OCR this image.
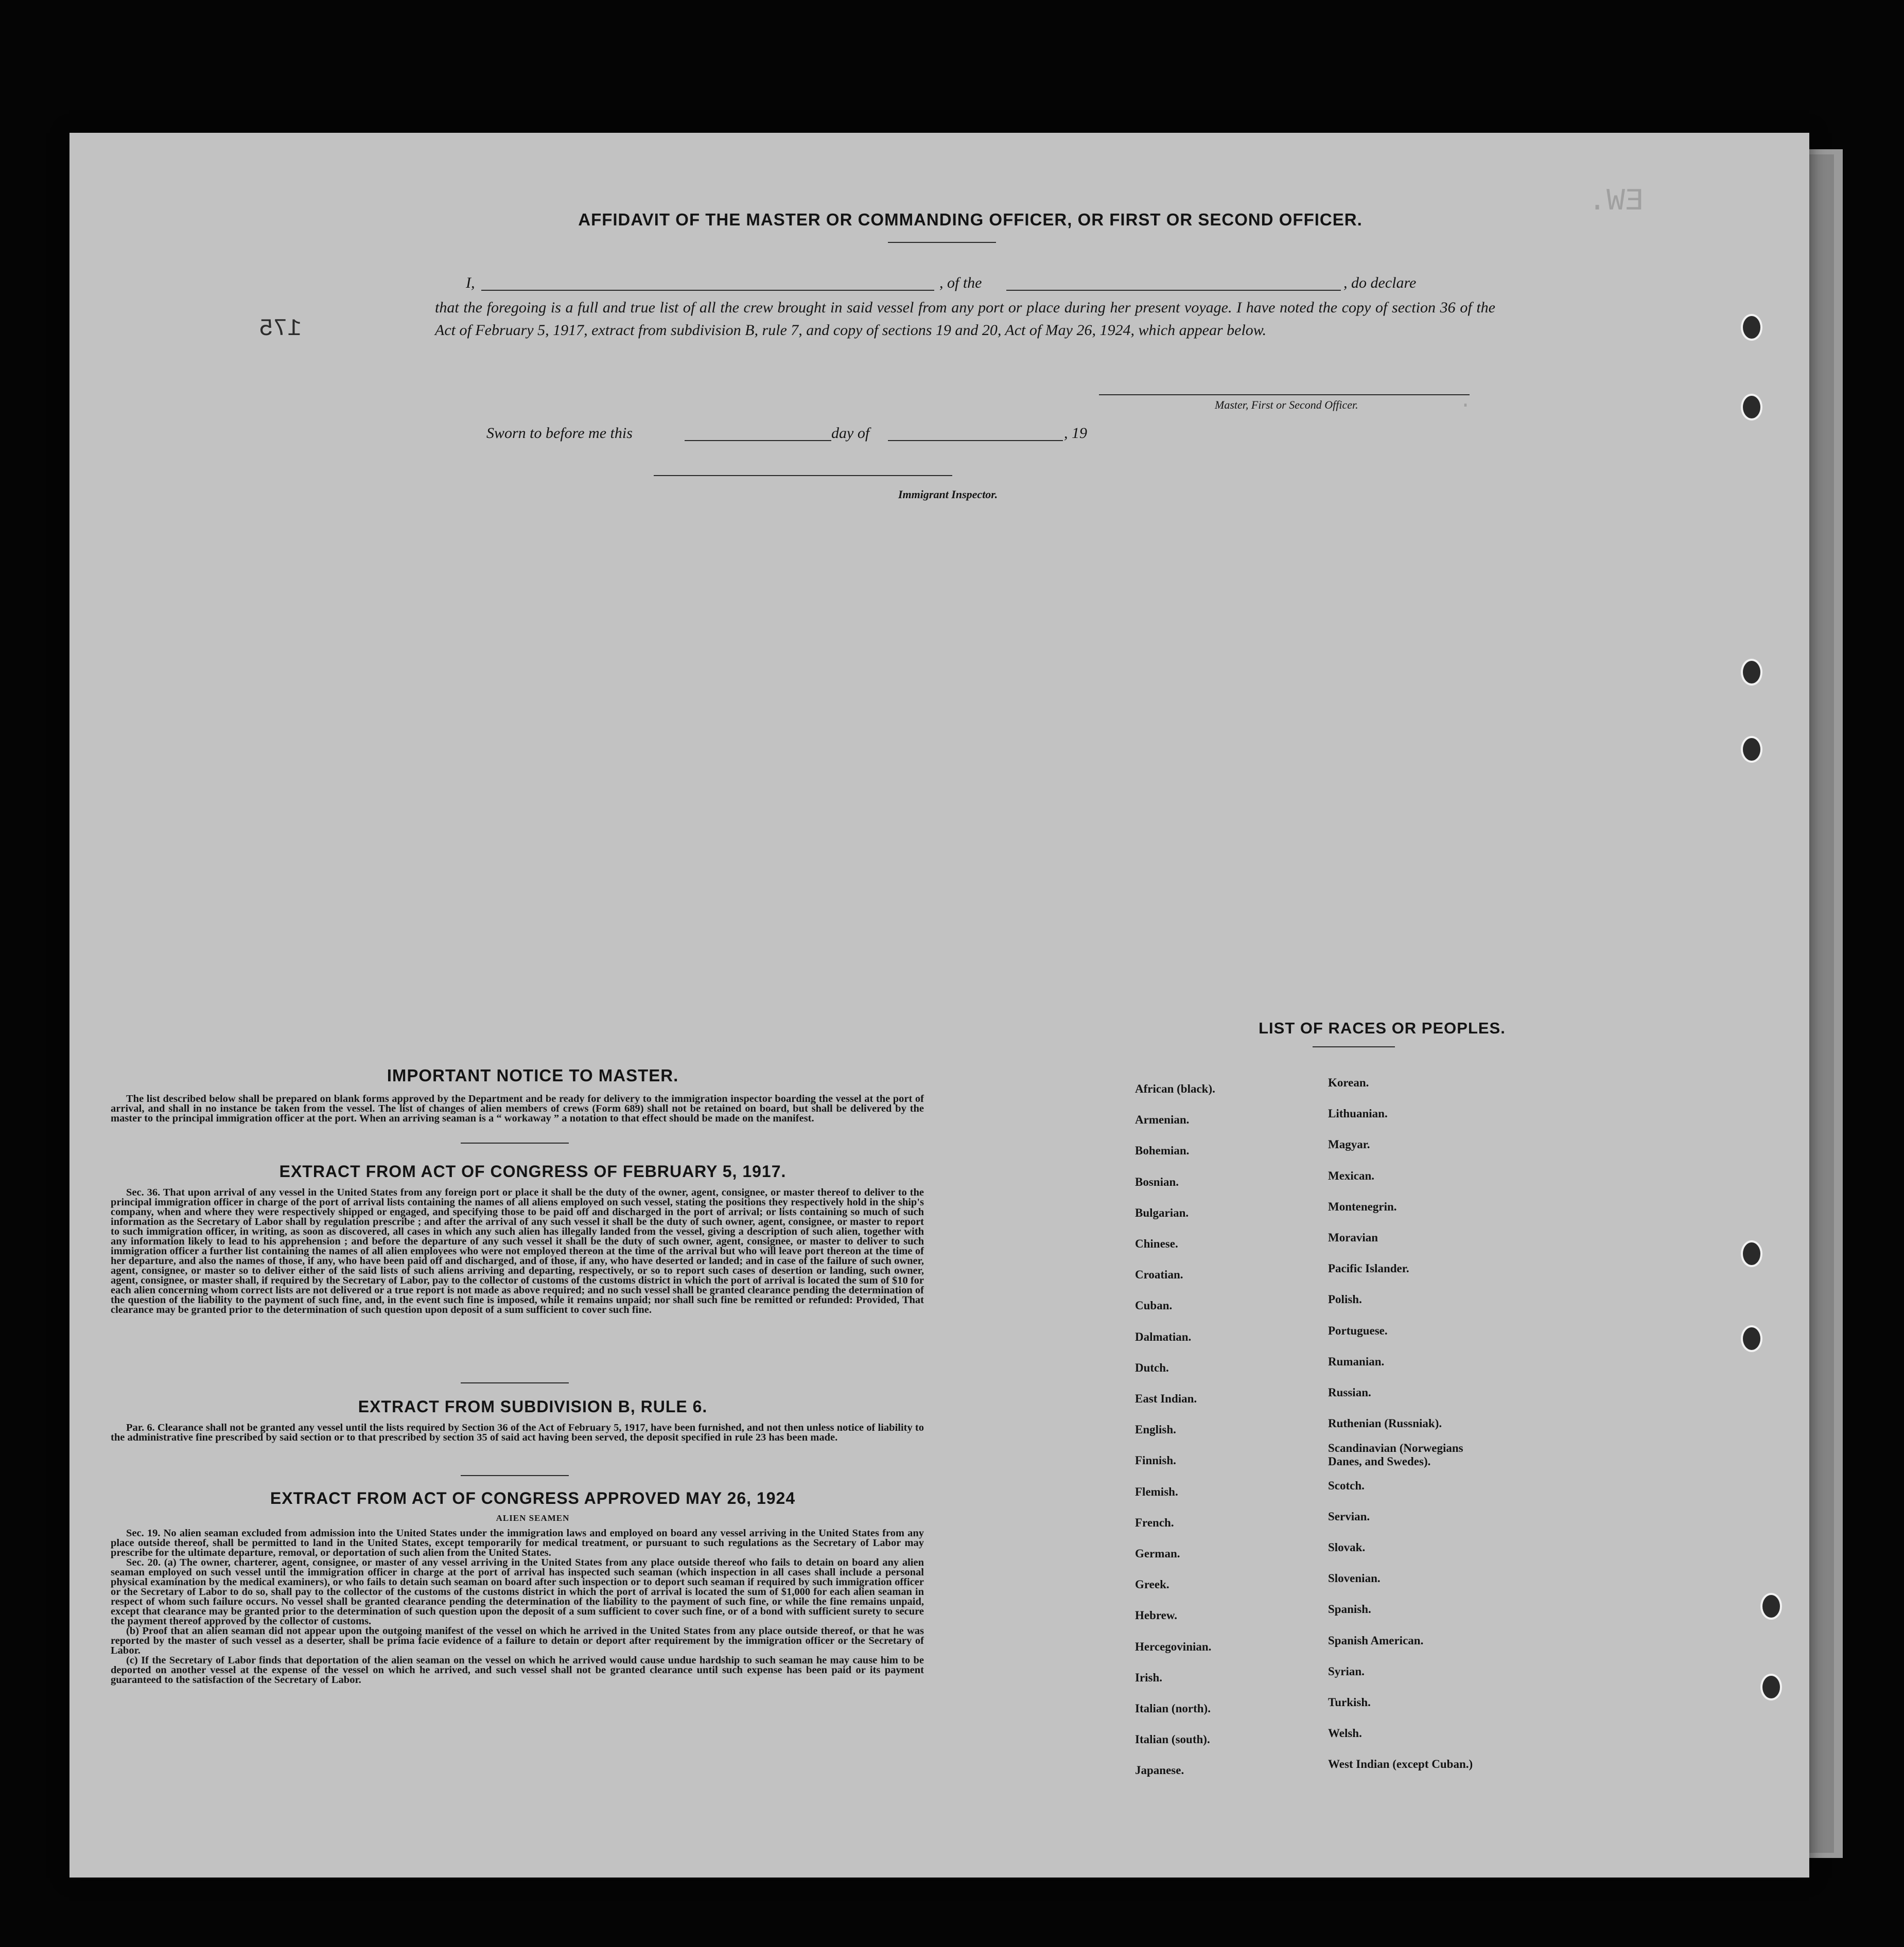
EW.
.
175
AFFIDAVIT OF THE MASTER OR COMMANDING OFFICER, OR FIRST OR SECOND OFFICER.
I,	, of the	, do declare
that the foregoing is a full and true list of all the crew brought in said vessel from any port or place during her present voyage. I have noted the copy of section 36 of the Act of February 5, 1917, extract from subdivision B, rule 7, and copy of sections 19 and 20, Act of May 26, 1924, which appear below.
Master, First or Second Officer.
Sworn to before me this	day of	, 19
Immigrant Inspector.
IMPORTANT NOTICE TO MASTER.

The list described below shall be prepared on blank forms approved by the Department and be ready for delivery to the immigration inspector boarding the vessel at the port of arrival, and shall in no instance be taken from the vessel. The list of changes of alien members of crews (Form 689) shall not be retained on board, but shall be delivered by the master to the principal immigration officer at the port. When an arriving seaman is a “ workaway ” a notation to that effect should be made on the manifest.

EXTRACT FROM ACT OF CONGRESS OF FEBRUARY 5, 1917.

Sec. 36. That upon arrival of any vessel in the United States from any foreign port or place it shall be the duty of the owner, agent, consignee, or master thereof to deliver to the principal immigration officer in charge of the port of arrival lists containing the names of all aliens employed on such vessel, stating the positions they respectively hold in the ship's company, when and where they were respectively shipped or engaged, and specifying those to be paid off and discharged in the port of arrival; or lists containing so much of such information as the Secretary of Labor shall by regulation prescribe ; and after the arrival of any such vessel it shall be the duty of such owner, agent, consignee, or master to report to such immigration officer, in writing, as soon as discovered, all cases in which any such alien has illegally landed from the vessel, giving a description of such alien, together with any information likely to lead to his apprehension ; and before the departure of any such vessel it shall be the duty of such owner, agent, consignee, or master to deliver to such immigration officer a further list containing the names of all alien employees who were not employed thereon at the time of the arrival but who will leave port thereon at the time of her departure, and also the names of those, if any, who have been paid off and discharged, and of those, if any, who have deserted or landed; and in case of the failure of such owner, agent, consignee, or master so to deliver either of the said lists of such aliens arriving and departing, respectively, or so to report such cases of desertion or landing, such owner, agent, consignee, or master shall, if required by the Secretary of Labor, pay to the collector of customs of the customs district in which the port of arrival is located the sum of $10 for each alien concerning whom correct lists are not delivered or a true report is not made as above required; and no such vessel shall be granted clearance pending the determination of the question of the liability to the payment of such fine, and, in the event such fine is imposed, while it remains unpaid; nor shall such fine be remitted or refunded: Provided, That clearance may be granted prior to the determination of such question upon deposit of a sum sufficient to cover such fine.

EXTRACT FROM SUBDIVISION B, RULE 6.

Par. 6. Clearance shall not be granted any vessel until the lists required by Section 36 of the Act of February 5, 1917, have been furnished, and not then unless notice of liability to the administrative fine prescribed by said section or to that prescribed by section 35 of said act having been served, the deposit specified in rule 23 has been made.

EXTRACT FROM ACT OF CONGRESS APPROVED MAY 26, 1924
ALIEN SEAMEN

Sec. 19. No alien seaman excluded from admission into the United States under the immigration laws and employed on board any vessel arriving in the United States from any place outside thereof, shall be permitted to land in the United States, except temporarily for medical treatment, or pursuant to such regulations as the Secretary of Labor may prescribe for the ultimate departure, removal, or deportation of such alien from the United States.

Sec. 20. (a) The owner, charterer, agent, consignee, or master of any vessel arriving in the United States from any place outside thereof who fails to detain on board any alien seaman employed on such vessel until the immigration officer in charge at the port of arrival has inspected such seaman (which inspection in all cases shall include a personal physical examination by the medical examiners), or who fails to detain such seaman on board after such inspection or to deport such seaman if required by such immigration officer or the Secretary of Labor to do so, shall pay to the collector of the customs of the customs district in which the port of arrival is located the sum of $1,000 for each alien seaman in respect of whom such failure occurs. No vessel shall be granted clearance pending the determination of the liability to the payment of such fine, or while the fine remains unpaid, except that clearance may be granted prior to the determination of such question upon the deposit of a sum sufficient to cover such fine, or of a bond with sufficient surety to secure the payment thereof approved by the collector of customs.

(b) Proof that an alien seaman did not appear upon the outgoing manifest of the vessel on which he arrived in the United States from any place outside thereof, or that he was reported by the master of such vessel as a deserter, shall be prima facie evidence of a failure to detain or deport after requirement by the immigration officer or the Secretary of Labor.

(c) If the Secretary of Labor finds that deportation of the alien seaman on the vessel on which he arrived would cause undue hardship to such seaman he may cause him to be deported on another vessel at the expense of the vessel on which he arrived, and such vessel shall not be granted clearance until such expense has been paid or its payment guaranteed to the satisfaction of the Secretary of Labor.

LIST OF RACES OR PEOPLES.
African (black).
Armenian.
Bohemian.
Bosnian.
Bulgarian.
Chinese.
Croatian.
Cuban.
Dalmatian.
Dutch.
East Indian.
English.
Finnish.
Flemish.
French.
German.
Greek.
Hebrew.
Hercegovinian.
Irish.
Italian (north).
Italian (south).
Japanese.
Korean.
Lithuanian.
Magyar.
Mexican.
Montenegrin.
Moravian
Pacific Islander.
Polish.
Portuguese.
Rumanian.
Russian.
Ruthenian (Russniak).
Scandinavian (Norwegians
Danes, and Swedes).
Scotch.
Servian.
Slovak.
Slovenian.
Spanish.
Spanish American.
Syrian.
Turkish.
Welsh.
West Indian (except Cuban.)
